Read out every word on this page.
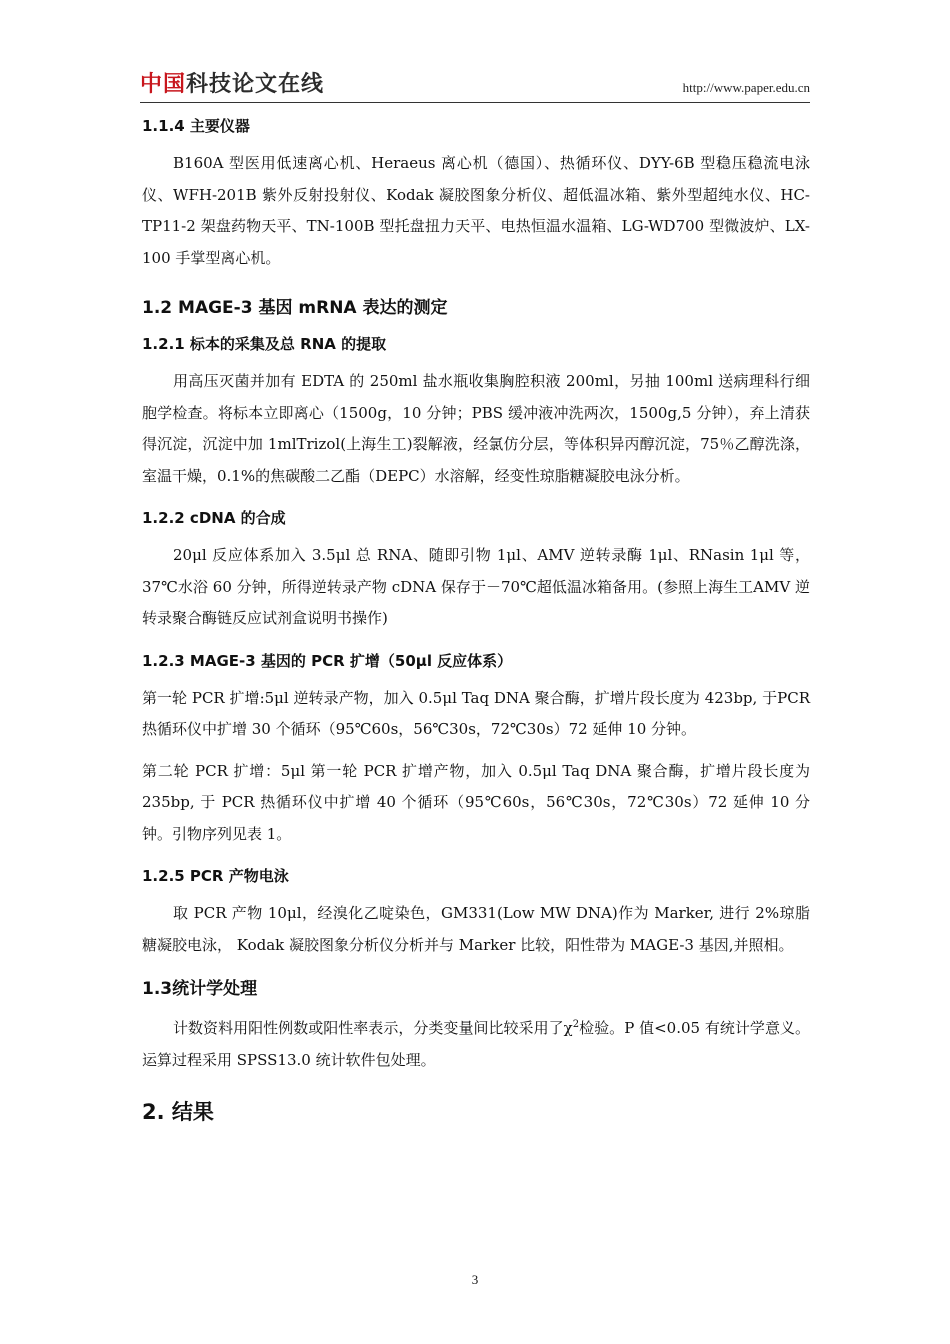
中国科技论文在线	http://www.paper.edu.cn
1.1.4 主要仪器

B160A 型医用低速离心机、Heraeus 离心机（德国）、热循环仪、DYY-6B 型稳压稳流电泳仪、WFH-201B 紫外反射投射仪、Kodak 凝胶图象分析仪、超低温冰箱、紫外型超纯水仪、HC-TP11-2 架盘药物天平、TN-100B 型托盘扭力天平、电热恒温水温箱、LG-WD700 型微波炉、LX-100 手掌型离心机。

1.2 MAGE-3 基因 mRNA 表达的测定
1.2.1 标本的采集及总 RNA 的提取

用高压灭菌并加有 EDTA 的 250ml 盐水瓶收集胸腔积液 200ml，另抽 100ml 送病理科行细胞学检查。将标本立即离心（1500g，10 分钟；PBS 缓冲液冲洗两次，1500g,5 分钟），弃上清获得沉淀，沉淀中加 1mlTrizol(上海生工)裂解液，经氯仿分层，等体积异丙醇沉淀，75％乙醇洗涤，室温干燥，0.1%的焦碳酸二乙酯（DEPC）水溶解，经变性琼脂糖凝胶电泳分析。

1.2.2 cDNA 的合成

20μl 反应体系加入 3.5μl 总 RNA、随即引物 1μl、AMV 逆转录酶 1μl、RNasin 1μl 等，37℃水浴 60 分钟，所得逆转录产物 cDNA 保存于－70℃超低温冰箱备用。(参照上海生工AMV 逆转录聚合酶链反应试剂盒说明书操作)

1.2.3 MAGE-3 基因的 PCR 扩增（50μl 反应体系）

第一轮 PCR 扩增:5μl 逆转录产物，加入 0.5μl Taq DNA 聚合酶，扩增片段长度为 423bp, 于PCR 热循环仪中扩增 30 个循环（95℃60s，56℃30s，72℃30s）72 延伸 10 分钟。

第二轮 PCR 扩增：5μl 第一轮 PCR 扩增产物，加入 0.5μl Taq DNA 聚合酶，扩增片段长度为235bp, 于 PCR 热循环仪中扩增 40 个循环（95℃60s，56℃30s，72℃30s）72 延伸 10 分钟。引物序列见表 1。

1.2.5 PCR 产物电泳

取 PCR 产物 10μl，经溴化乙啶染色，GM331(Low MW DNA)作为 Marker, 进行 2%琼脂糖凝胶电泳， Kodak 凝胶图象分析仪分析并与 Marker 比较，阳性带为 MAGE-3 基因,并照相。

1.3统计学处理

计数资料用阳性例数或阳性率表示，分类变量间比较采用了$\chi^2$检验。P 值<0.05 有统计学意义。运算过程采用 SPSS13.0 统计软件包处理。

2. 结果
3
